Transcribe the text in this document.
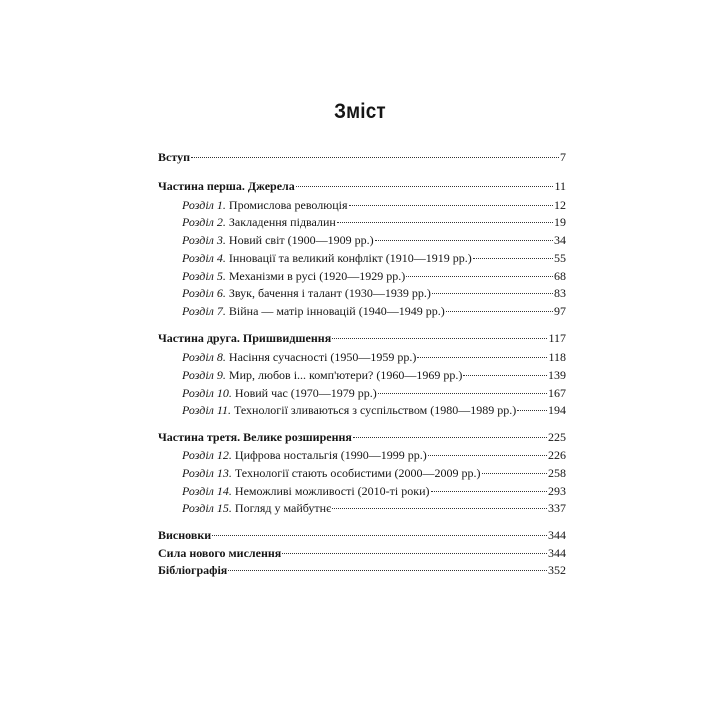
Зміст
Вступ	7
Частина перша. Джерела	11
Розділ 1. Промислова революція	12
Розділ 2. Закладення підвалин	19
Розділ 3. Новий світ (1900—1909 рр.)	34
Розділ 4. Інновації та великий конфлікт (1910—1919 рр.)	55
Розділ 5. Механізми в русі (1920—1929 рр.)	68
Розділ 6. Звук, бачення і талант (1930—1939 рр.)	83
Розділ 7. Війна — матір інновацій (1940—1949 рр.)	97
Частина друга. Пришвидшення	117
Розділ 8. Насіння сучасності (1950—1959 рр.)	118
Розділ 9. Мир, любов і... комп'ютери? (1960—1969 рр.)	139
Розділ 10. Новий час (1970—1979 рр.)	167
Розділ 11. Технології зливаються з суспільством (1980—1989 рр.)	194
Частина третя. Велике розширення	225
Розділ 12. Цифрова ностальгія (1990—1999 рр.)	226
Розділ 13. Технології стають особистими (2000—2009 рр.)	258
Розділ 14. Неможливі можливості (2010-ті роки)	293
Розділ 15. Погляд у майбутнє	337
Висновки	344
Сила нового мислення	344
Бібліографія	352
